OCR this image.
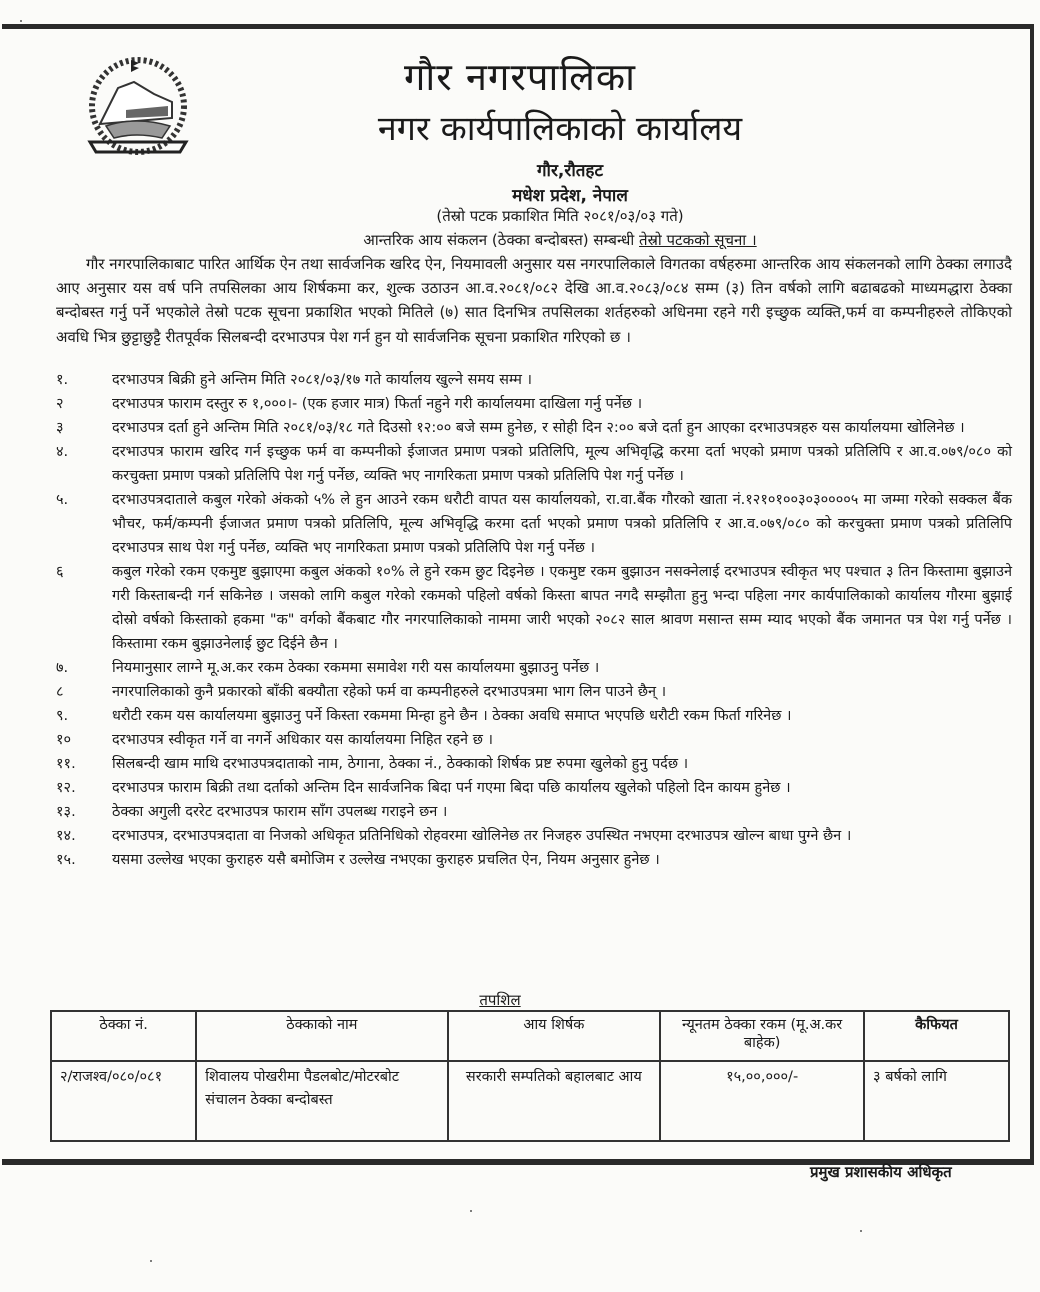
गौर नगरपालिका
नगर कार्यपालिकाको कार्यालय
गौर,रौतहट
मधेश प्रदेश, नेपाल
(तेस्रो पटक प्रकाशित मिति २०८१/०३/०३ गते)
आन्तरिक आय संकलन (ठेक्का बन्दोबस्त) सम्बन्धी तेस्रो पटकको सूचना ।
गौर नगरपालिकाबाट पारित आर्थिक ऐन तथा सार्वजनिक खरिद ऐन, नियमावली अनुसार यस नगरपालिकाले विगतका वर्षहरुमा आन्तरिक आय संकलनको लागि ठेक्का लगाउदै आए अनुसार यस वर्ष पनि तपसिलका आय शिर्षकमा कर, शुल्क उठाउन आ.व.२०८१/०८२ देखि आ.व.२०८३/०८४ सम्म (३) तिन वर्षको लागि बढाबढको माध्यमद्धारा ठेक्का बन्दोबस्त गर्नु पर्ने भएकोले तेस्रो पटक सूचना प्रकाशित भएको मितिले (७) सात दिनभित्र तपसिलका शर्तहरुको अधिनमा रहने गरी इच्छुक व्यक्ति,फर्म वा कम्पनीहरुले तोकिएको अवधि भित्र छुट्टाछुट्टै रीतपूर्वक सिलबन्दी दरभाउपत्र पेश गर्न हुन यो सार्वजनिक सूचना प्रकाशित गरिएको छ ।
१.	दरभाउपत्र बिक्री हुने अन्तिम मिति २०८१/०३/१७ गते कार्यालय खुल्ने समय सम्म ।
२	दरभाउपत्र फाराम दस्तुर रु १,०००।- (एक हजार मात्र) फिर्ता नहुने गरी कार्यालयमा दाखिला गर्नु पर्नेछ ।
३	दरभाउपत्र दर्ता हुने अन्तिम मिति २०८१/०३/१८ गते दिउसो १२:०० बजे सम्म हुनेछ, र सोही दिन २:०० बजे दर्ता हुन आएका दरभाउपत्रहरु यस कार्यालयमा खोलिनेछ ।
४.	दरभाउपत्र फाराम खरिद गर्न इच्छुक फर्म वा कम्पनीको ईजाजत प्रमाण पत्रको प्रतिलिपि, मूल्य अभिवृद्धि करमा दर्ता भएको प्रमाण पत्रको प्रतिलिपि र आ.व.०७९/०८० को करचुक्ता प्रमाण पत्रको प्रतिलिपि पेश गर्नु पर्नेछ, व्यक्ति भए नागरिकता प्रमाण पत्रको प्रतिलिपि पेश गर्नु पर्नेछ ।
५.	दरभाउपत्रदाताले कबुल गरेको अंकको ५% ले हुन आउने रकम धरौटी वापत यस कार्यालयको, रा.वा.बैंक गौरको खाता नं.१२१०१००३०३००००५ मा जम्मा गरेको सक्कल बैंक भौचर, फर्म/कम्पनी ईजाजत प्रमाण पत्रको प्रतिलिपि, मूल्य अभिवृद्धि करमा दर्ता भएको प्रमाण पत्रको प्रतिलिपि र आ.व.०७९/०८० को करचुक्ता प्रमाण पत्रको प्रतिलिपि दरभाउपत्र साथ पेश गर्नु पर्नेछ, व्यक्ति भए नागरिकता प्रमाण पत्रको प्रतिलिपि पेश गर्नु पर्नेछ ।
६	कबुल गरेको रकम एकमुष्ट बुझाएमा कबुल अंकको १०% ले हुने रकम छुट दिइनेछ । एकमुष्ट रकम बुझाउन नसक्नेलाई दरभाउपत्र स्वीकृत भए पश्चात ३ तिन किस्तामा बुझाउने गरी किस्ताबन्दी गर्न सकिनेछ । जसको लागि कबुल गरेको रकमको पहिलो वर्षको किस्ता बापत नगदै सम्झौता हुनु भन्दा पहिला नगर कार्यपालिकाको कार्यालय गौरमा बुझाई दोस्रो वर्षको किस्ताको हकमा "क" वर्गको बैंकबाट गौर नगरपालिकाको नाममा जारी भएको २०८२ साल श्रावण मसान्त सम्म म्याद भएको बैंक जमानत पत्र पेश गर्नु पर्नेछ । किस्तामा रकम बुझाउनेलाई छुट दिईने छैन ।
७.	नियमानुसार लाग्ने मू.अ.कर रकम ठेक्का रकममा समावेश गरी यस कार्यालयमा बुझाउनु पर्नेछ ।
८	नगरपालिकाको कुनै प्रकारको बाँकी बक्यौता रहेको फर्म वा कम्पनीहरुले दरभाउपत्रमा भाग लिन पाउने छैन् ।
९.	धरौटी रकम यस कार्यालयमा बुझाउनु पर्ने किस्ता रकममा मिन्हा हुने छैन । ठेक्का अवधि समाप्त भएपछि धरौटी रकम फिर्ता गरिनेछ ।
१०	दरभाउपत्र स्वीकृत गर्ने वा नगर्ने अधिकार यस कार्यालयमा निहित रहने छ ।
११.	सिलबन्दी खाम माथि दरभाउपत्रदाताको नाम, ठेगाना, ठेक्का नं., ठेक्काको शिर्षक प्रष्ट रुपमा खुलेको हुनु पर्दछ ।
१२.	दरभाउपत्र फाराम बिक्री तथा दर्ताको अन्तिम दिन सार्वजनिक बिदा पर्न गएमा बिदा पछि कार्यालय खुलेको पहिलो दिन कायम हुनेछ ।
१३.	ठेक्का अगुली दररेट दरभाउपत्र फाराम साँग उपलब्ध गराइने छन ।
१४.	दरभाउपत्र, दरभाउपत्रदाता वा निजको अधिकृत प्रतिनिधिको रोहवरमा खोलिनेछ तर निजहरु उपस्थित नभएमा दरभाउपत्र खोल्न बाधा पुग्ने छैन ।
१५.	यसमा उल्लेख भएका कुराहरु यसै बमोजिम र उल्लेख नभएका कुराहरु प्रचलित ऐन, नियम अनुसार हुनेछ ।
तपशिल
ठेक्का नं.	ठेक्काको नाम	आय शिर्षक	न्यूनतम ठेक्का रकम (मू.अ.कर बाहेक)	कैफियत
२/राजश्व/०८०/०८१	शिवालय पोखरीमा पैडलबोट/मोटरबोट संचालन ठेक्का बन्दोबस्त	सरकारी सम्पतिको बहालबाट आय	१५,००,०००/-	३ बर्षको लागि
प्रमुख प्रशासकीय अधिकृत
